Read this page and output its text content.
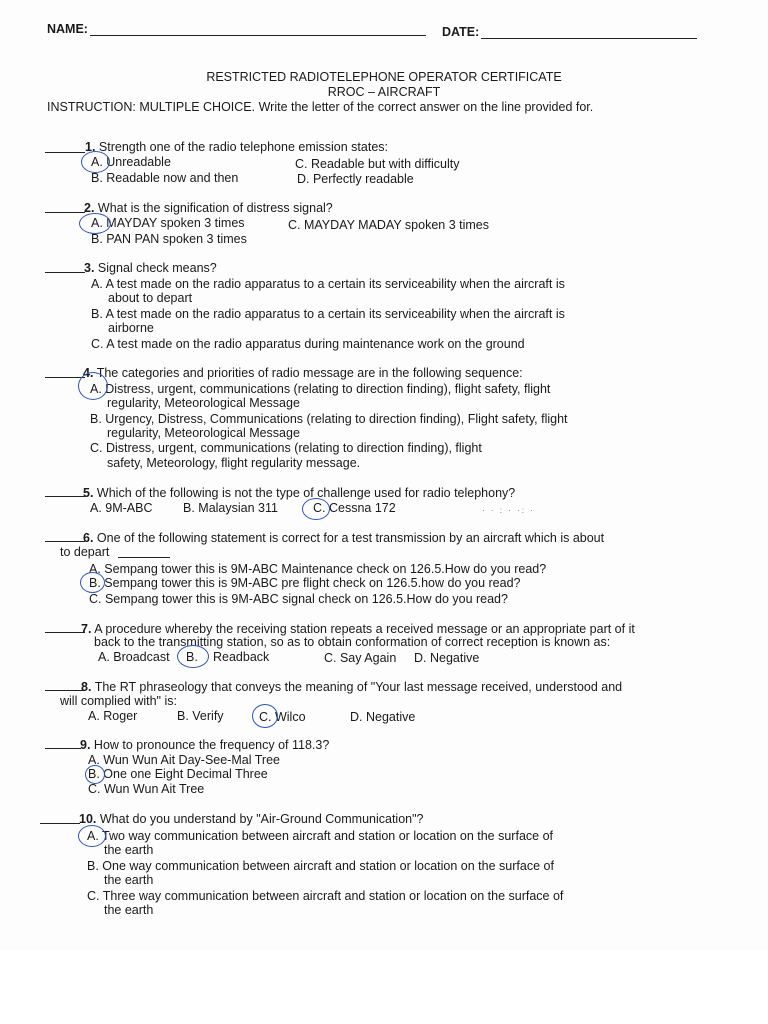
NAME:	DATE:
RESTRICTED RADIOTELEPHONE OPERATOR CERTIFICATE
RROC – AIRCRAFT
INSTRUCTION: MULTIPLE CHOICE. Write the letter of the correct answer on the line provided for.
1. Strength one of the radio telephone emission states:
A. Unreadable	C. Readable but with difficulty
B. Readable now and then	D. Perfectly readable
2. What is the signification of distress signal?
A. MAYDAY spoken 3 times	C. MAYDAY MADAY spoken 3 times
B. PAN PAN spoken 3 times
3. Signal check means?
A. A test made on the radio apparatus to a certain its serviceability when the aircraft is
about to depart
B. A test made on the radio apparatus to a certain its serviceability when the aircraft is
airborne
C. A test made on the radio apparatus during maintenance work on the ground
4. The categories and priorities of radio message are in the following sequence:
A. Distress, urgent, communications (relating to direction finding), flight safety, flight
regularity, Meteorological Message
B. Urgency, Distress, Communications (relating to direction finding), Flight safety, flight
regularity, Meteorological Message
C. Distress, urgent, communications (relating to direction finding), flight
safety, Meteorology, flight regularity message.
5. Which of the following is not the type of challenge used for radio telephony?
A. 9M-ABC B. Malaysian 311	C. Cessna 172	· · : · ·: ·
6. One of the following statement is correct for a test transmission by an aircraft which is about
to depart
A. Sempang tower this is 9M-ABC Maintenance check on 126.5.How do you read?
B. Sempang tower this is 9M-ABC pre flight check on 126.5.how do you read?
C. Sempang tower this is 9M-ABC signal check on 126.5.How do you read?
7. A procedure whereby the receiving station repeats a received message or an appropriate part of it
back to the transmitting station, so as to obtain conformation of correct reception is known as:
A. Broadcast B. Readback	C. Say Again D. Negative
8. The RT phraseology that conveys the meaning of "Your last message received, understood and
will complied with" is:
A. Roger	B. Verify	C. Wilco	D. Negative
9. How to pronounce the frequency of 118.3?
A. Wun Wun Ait Day-See-Mal Tree
B. One one Eight Decimal Three
C. Wun Wun Ait Tree
10. What do you understand by "Air-Ground Communication"?
A. Two way communication between aircraft and station or location on the surface of
the earth
B. One way communication between aircraft and station or location on the surface of
the earth
C. Three way communication between aircraft and station or location on the surface of
the earth
